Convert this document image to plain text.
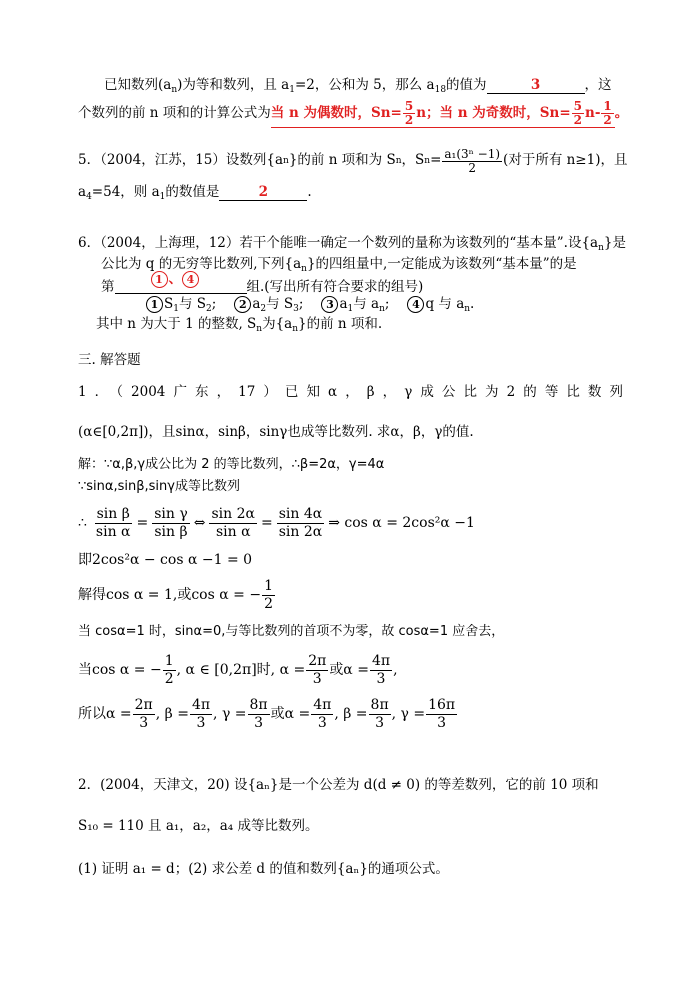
已知数列$(a_n)$为等和数列，且 $a_1=2$，公和为 5，那么 $a_{18}$的值为	3	，这
个数列的前 n 项和的计算公式为 当 n 为偶数时，$Sn= \frac{5}{2}$ n；当 n 为奇数时，$Sn= \frac{5}{2} n- \frac{1}{2}$ 。
5．（2004，江苏，15）设数列{a n }的前 n 项和为 S n ，S $n = \frac{\text{a₁(3ⁿ −1)}}{2}$ (对于所有 n≥1)，且
$a_4=54$，则 $a_1$的数值是	2	.
6．（2004，上海理，12）若干个能唯一确定一个数列的量称为该数列的“基本量”.设$\{a_n\}$是
公比为 q 的无穷等比数列,下列$\{a_n\}$的四组量中,一定能成为该数列“基本量”的是
第	1 、 4	组.(写出所有符合要求的组号)
1 $S_1$与 $S_2$;	2 $a_2$与 $S_3$;	3 $a_1$与 $a_n$;	4 q 与 $a_n$.
其中 n 为大于 1 的整数, $S_n$为$\{a_n\}$的前 n 项和.
三. 解答题
1．（2004广东，17）已知α，β，γ成公比为2的等比数列
(α∈[0,2π])，且sinα，sinβ，sinγ也成等比数列. 求α，β，γ的值.
解：∵α,β,γ成公比为 2 的等比数列，∴β=2α，γ=4α
∵sinα,sinβ,sinγ成等比数列
∴ $\frac{\text{sin β}}{\text{sin α}} = \frac{\text{sin γ}}{\text{sin β}}$ ⇔ $\frac{\sin 2\alpha}{\text{sin α}} = \frac{\sin 4\alpha}{\sin 2\alpha}$ ⇒ cos α = 2cos²α −1
即2cos²α − cos α −1 = 0
解得cos α = 1,或cos α = − $\frac{1}{2}$
当 cosα=1 时，sinα=0,与等比数列的首项不为零，故 cosα=1 应舍去，
当cos α = − $\frac{1}{2}$ , α ∈ [0,2π]时, $\alpha = \frac{2\pi}{3}$ 或$\alpha = \frac{4\pi}{3}$ ,
所以$\alpha = \frac{2\pi}{3}$ , $\beta = \frac{4\pi}{3}$ , $\gamma = \frac{8\pi}{3}$ 或$\alpha = \frac{4\pi}{3}$ , $\beta = \frac{8\pi}{3}$ , $\gamma = \frac{16\pi}{3}$
2．(2004，天津文，20) 设{aₙ}是一个公差为 d(d ≠ 0) 的等差数列，它的前 10 项和
S₁₀ = 110 且 a₁，a₂，a₄ 成等比数列。
(1) 证明 a₁ = d；(2) 求公差 d 的值和数列{aₙ}的通项公式。
